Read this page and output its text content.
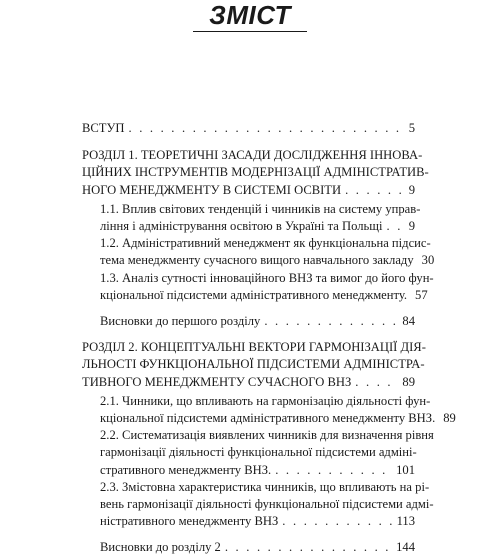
ЗМІСТ
ВСТУП . . .	5
РОЗДІЛ 1. ТЕОРЕТИЧНІ ЗАСАДИ ДОСЛІДЖЕННЯ ІННОВА-
ЦІЙНИХ ІНСТРУМЕНТІВ МОДЕРНІЗАЦІЇ АДМІНІСТРАТИВ-
НОГО МЕНЕДЖМЕНТУ В СИСТЕМІ ОСВІТИ . . .	9
1.1. Вплив світових тенденцій і чинників на систему управ-
ління і адміністрування освітою в Україні та Польщі . . . 9
1.2. Адміністративний менеджмент як функціональна підсис-
тема менеджменту сучасного вищого навчального закладу 30
1.3. Аналіз сутності інноваційного ВНЗ та вимог до його фун-
кціональної підсистеми адміністративного менеджменту. 57
Висновки до першого розділу . . .	84
РОЗДІЛ 2. КОНЦЕПТУАЛЬНІ ВЕКТОРИ ГАРМОНІЗАЦІЇ ДІЯ-
ЛЬНОСТІ ФУНКЦІОНАЛЬНОЇ ПІДСИСТЕМИ АДМІНІСТРА-
ТИВНОГО МЕНЕДЖМЕНТУ СУЧАСНОГО ВНЗ . . .	89
2.1. Чинники, що впливають на гармонізацію діяльності фун-
кціональної підсистеми адміністративного менеджменту ВНЗ. 89
2.2. Систематизація виявлених чинників для визначення рівня
гармонізації діяльності функціональної підсистеми адміні-
стративного менеджменту ВНЗ. . . .	101
2.3. Змістовна характеристика чинників, що впливають на рі-
вень гармонізації діяльності функціональної підсистеми адмі-
ністративного менеджменту ВНЗ . . .	113
Висновки до розділу 2 . . .	144
